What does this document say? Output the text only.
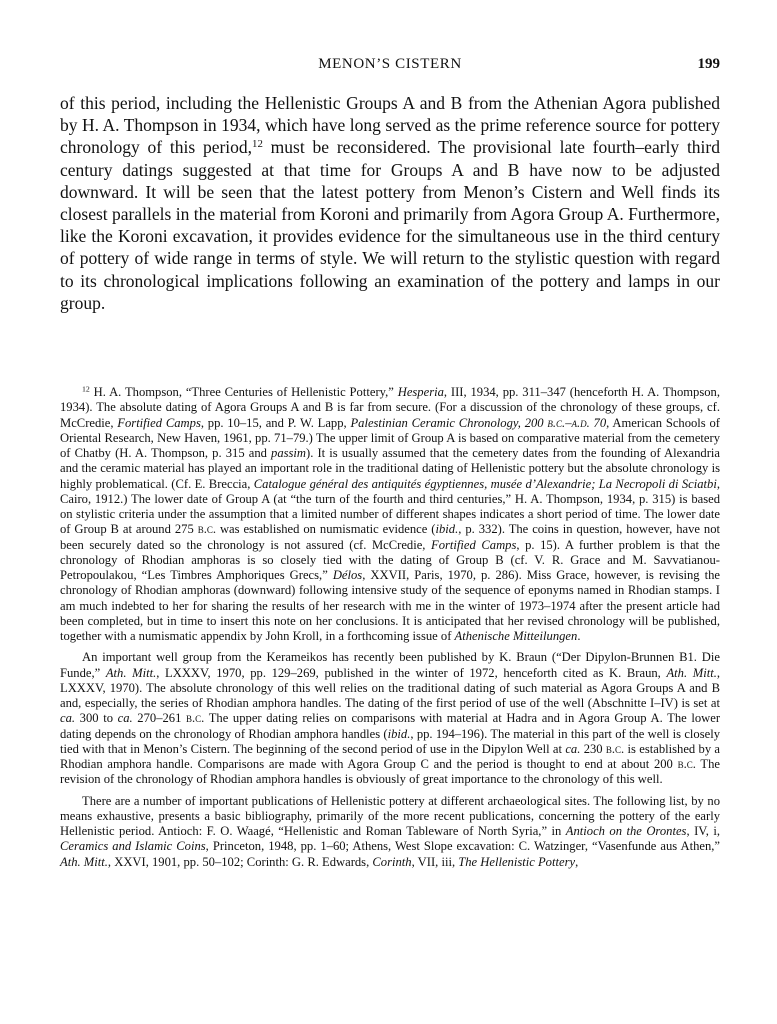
MENON’S CISTERN	199

of this period, including the Hellenistic Groups A and B from the Athenian Agora published by H. A. Thompson in 1934, which have long served as the prime reference source for pottery chronology of this period,$^{12}$ must be reconsidered. The provisional late fourth–early third century datings suggested at that time for Groups A and B have now to be adjusted downward. It will be seen that the latest pottery from Menon’s Cistern and Well finds its closest parallels in the material from Koroni and primarily from Agora Group A. Furthermore, like the Koroni excavation, it provides evidence for the simultaneous use in the third century of pottery of wide range in terms of style. We will return to the stylistic question with regard to its chronological implications following an examination of the pottery and lamps in our group.

$^{12}$ H. A. Thompson, “Three Centuries of Hellenistic Pottery,” Hesperia, III, 1934, pp. 311–347 (henceforth H. A. Thompson, 1934). The absolute dating of Agora Groups A and B is far from secure. (For a discussion of the chronology of these groups, cf. McCredie, Fortified Camps, pp. 10–15, and P. W. Lapp, Palestinian Ceramic Chronology, 200 b.c.–a.d. 70, American Schools of Oriental Research, New Haven, 1961, pp. 71–79.) The upper limit of Group A is based on comparative material from the cemetery of Chatby (H. A. Thompson, p. 315 and passim). It is usually assumed that the cemetery dates from the founding of Alexandria and the ceramic material has played an important role in the traditional dating of Hellenistic pottery but the absolute chronology is highly problematical. (Cf. E. Breccia, Catalogue général des antiquités égyptiennes, musée d’Alexandrie; La Necropoli di Sciatbi, Cairo, 1912.) The lower date of Group A (at “the turn of the fourth and third centuries,” H. A. Thompson, 1934, p. 315) is based on stylistic criteria under the assumption that a limited number of different shapes indicates a short period of time. The lower date of Group B at around 275 b.c. was established on numismatic evidence (ibid., p. 332). The coins in question, however, have not been securely dated so the chronology is not assured (cf. McCredie, Fortified Camps, p. 15). A further problem is that the chronology of Rhodian amphoras is so closely tied with the dating of Group B (cf. V. R. Grace and M. Savvatianou-Petropoulakou, “Les Timbres Amphoriques Grecs,” Délos, XXVII, Paris, 1970, p. 286). Miss Grace, however, is revising the chronology of Rhodian amphoras (downward) following intensive study of the sequence of eponyms named in Rhodian stamps. I am much indebted to her for sharing the results of her research with me in the winter of 1973–1974 after the present article had been completed, but in time to insert this note on her conclusions. It is anticipated that her revised chronology will be published, together with a numismatic appendix by John Kroll, in a forthcoming issue of Athenische Mitteilungen.

An important well group from the Kerameikos has recently been published by K. Braun (“Der Dipylon-Brunnen B1. Die Funde,” Ath. Mitt., LXXXV, 1970, pp. 129–269, published in the winter of 1972, henceforth cited as K. Braun, Ath. Mitt., LXXXV, 1970). The absolute chronology of this well relies on the traditional dating of such material as Agora Groups A and B and, especially, the series of Rhodian amphora handles. The dating of the first period of use of the well (Abschnitte I–IV) is set at ca. 300 to ca. 270–261 b.c. The upper dating relies on comparisons with material at Hadra and in Agora Group A. The lower dating depends on the chronology of Rhodian amphora handles (ibid., pp. 194–196). The material in this part of the well is closely tied with that in Menon’s Cistern. The beginning of the second period of use in the Dipylon Well at ca. 230 b.c. is established by a Rhodian amphora handle. Comparisons are made with Agora Group C and the period is thought to end at about 200 b.c. The revision of the chronology of Rhodian amphora handles is obviously of great importance to the chronology of this well.

There are a number of important publications of Hellenistic pottery at different archaeological sites. The following list, by no means exhaustive, presents a basic bibliography, primarily of the more recent publications, concerning the pottery of the early Hellenistic period. Antioch: F. O. Waagé, “Hellenistic and Roman Tableware of North Syria,” in Antioch on the Orontes, IV, i, Ceramics and Islamic Coins, Princeton, 1948, pp. 1–60; Athens, West Slope excavation: C. Watzinger, “Vasenfunde aus Athen,” Ath. Mitt., XXVI, 1901, pp. 50–102; Corinth: G. R. Edwards, Corinth, VII, iii, The Hellenistic Pottery,
